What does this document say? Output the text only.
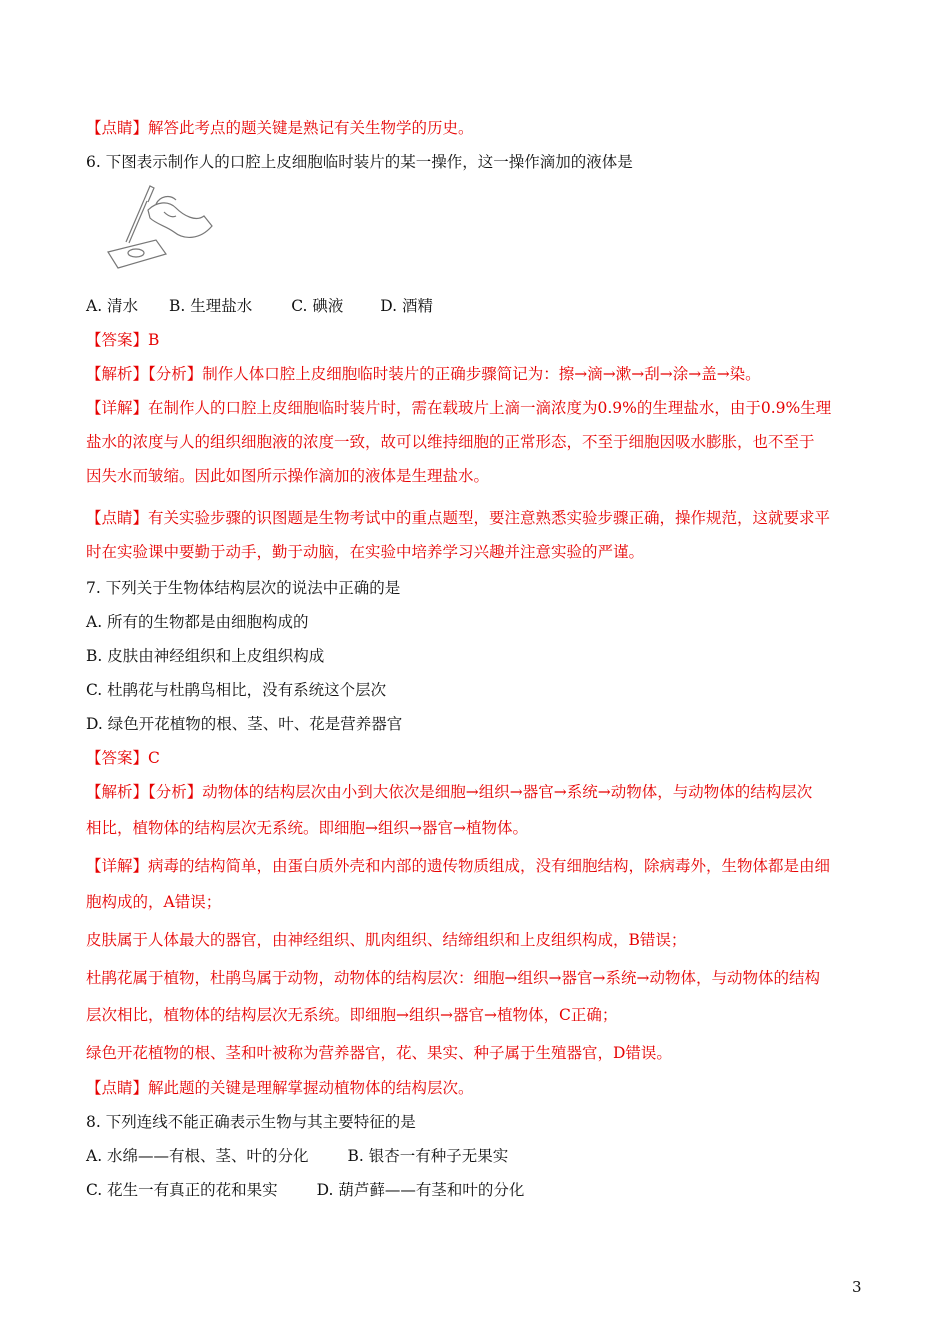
【点睛】解答此考点的题关键是熟记有关生物学的历史。
6. 下图表示制作人的口腔上皮细胞临时装片的某一操作，这一操作滴加的液体是
A. 清水 B. 生理盐水	C. 碘液 D. 酒精
【答案】B
【解析】【分析】制作人体口腔上皮细胞临时装片的正确步骤简记为：擦→滴→漱→刮→涂→盖→染。
【详解】在制作人的口腔上皮细胞临时装片时，需在载玻片上滴一滴浓度为0.9%的生理盐水，由于0.9%生理
盐水的浓度与人的组织细胞液的浓度一致，故可以维持细胞的正常形态，不至于细胞因吸水膨胀，也不至于
因失水而皱缩。因此如图所示操作滴加的液体是生理盐水。
【点睛】有关实验步骤的识图题是生物考试中的重点题型，要注意熟悉实验步骤正确，操作规范，这就要求平
时在实验课中要勤于动手，勤于动脑，在实验中培养学习兴趣并注意实验的严谨。
7. 下列关于生物体结构层次的说法中正确的是
A. 所有的生物都是由细胞构成的
B. 皮肤由神经组织和上皮组织构成
C. 杜鹃花与杜鹃鸟相比，没有系统这个层次
D. 绿色开花植物的根、茎、叶、花是营养器官
【答案】C
【解析】【分析】动物体的结构层次由小到大依次是细胞→组织→器官→系统→动物体，与动物体的结构层次
相比，植物体的结构层次无系统。即细胞→组织→器官→植物体。
【详解】病毒的结构简单，由蛋白质外壳和内部的遗传物质组成，没有细胞结构，除病毒外，生物体都是由细
胞构成的，A错误；
皮肤属于人体最大的器官，由神经组织、肌肉组织、结缔组织和上皮组织构成，B错误；
杜鹃花属于植物，杜鹃鸟属于动物，动物体的结构层次：细胞→组织→器官→系统→动物体，与动物体的结构
层次相比，植物体的结构层次无系统。即细胞→组织→器官→植物体，C正确；
绿色开花植物的根、茎和叶被称为营养器官，花、果实、种子属于生殖器官，D错误。
【点睛】解此题的关键是理解掌握动植物体的结构层次。
8. 下列连线不能正确表示生物与其主要特征的是
A. 水绵——有根、茎、叶的分化	B. 银杏一有种子无果实
C. 花生一有真正的花和果实	D. 葫芦藓——有茎和叶的分化
3
